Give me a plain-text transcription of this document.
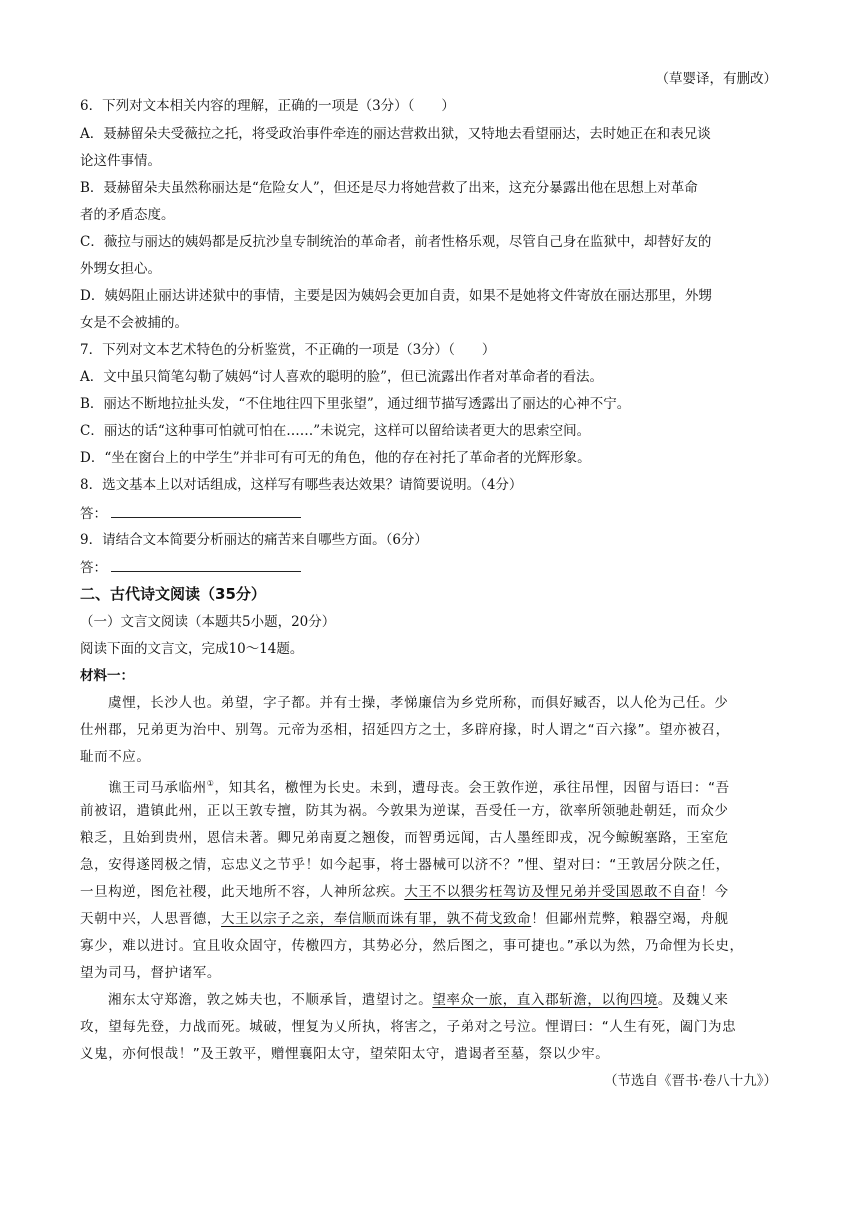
（草婴译，有删改）
6．下列对文本相关内容的理解，正确的一项是（3分）（　　）
A．聂赫留朵夫受薇拉之托，将受政治事件牵连的丽达营救出狱，又特地去看望丽达，去时她正在和表兄谈
论这件事情。
B．聂赫留朵夫虽然称丽达是“危险女人”，但还是尽力将她营救了出来，这充分暴露出他在思想上对革命
者的矛盾态度。
C．薇拉与丽达的姨妈都是反抗沙皇专制统治的革命者，前者性格乐观，尽管自己身在监狱中，却替好友的
外甥女担心。
D．姨妈阻止丽达讲述狱中的事情，主要是因为姨妈会更加自责，如果不是她将文件寄放在丽达那里，外甥
女是不会被捕的。
7．下列对文本艺术特色的分析鉴赏，不正确的一项是（3分）（　　）
A．文中虽只简笔勾勒了姨妈“讨人喜欢的聪明的脸”，但已流露出作者对革命者的看法。
B．丽达不断地拉扯头发，“不住地往四下里张望”，通过细节描写透露出了丽达的心神不宁。
C．丽达的话“这种事可怕就可怕在……”未说完，这样可以留给读者更大的思索空间。
D．“坐在窗台上的中学生”并非可有可无的角色，他的存在衬托了革命者的光辉形象。
8．选文基本上以对话组成，这样写有哪些表达效果？请简要说明。（4分）
答：
9．请结合文本简要分析丽达的痛苦来自哪些方面。（6分）
答：
二、古代诗文阅读（35分）
（一）文言文阅读（本题共5小题，20分）
阅读下面的文言文，完成10～14题。
材料一：
虞悝，长沙人也。弟望，字子都。并有士操，孝悌廉信为乡党所称，而俱好臧否，以人伦为己任。少
仕州郡，兄弟更为治中、别驾。元帝为丞相，招延四方之士，多辟府掾，时人谓之“百六掾”。望亦被召，
耻而不应。
谯王司马承临州①，知其名，檄悝为长史。未到，遭母丧。会王敦作逆，承往吊悝，因留与语曰：“吾
前被诏，遣镇此州，正以王敦专擅，防其为祸。今敦果为逆谋，吾受任一方，欲率所领驰赴朝廷，而众少
粮乏，且始到贵州，恩信未著。卿兄弟南夏之翘俊，而智勇远闻，古人墨绖即戎，况今鲸鲵塞路，王室危
急，安得遂罔极之情，忘忠义之节乎！如今起事，将士器械可以济不？”悝、望对曰：“王敦居分陕之任，
一旦构逆，图危社稷，此天地所不容，人神所忿疾。大王不以猥劣枉驾访及悝兄弟并受国恩敢不自奋！今
天朝中兴，人思晋德，大王以宗子之亲，奉信顺而诛有罪，孰不荷戈致命！但鄙州荒弊，粮器空竭，舟舰
寡少，难以进讨。宜且收众固守，传檄四方，其势必分，然后图之，事可捷也。”承以为然，乃命悝为长史，
望为司马，督护诸军。
湘东太守郑澹，敦之姊夫也，不顺承旨，遣望讨之。望率众一旅，直入郡斩澹，以徇四境。及魏乂来
攻，望每先登，力战而死。城破，悝复为乂所执，将害之，子弟对之号泣。悝谓曰：“人生有死，阖门为忠
义鬼，亦何恨哉！”及王敦平，赠悝襄阳太守，望荣阳太守，遣谒者至墓，祭以少牢。
（节选自《晋书·卷八十九》）
